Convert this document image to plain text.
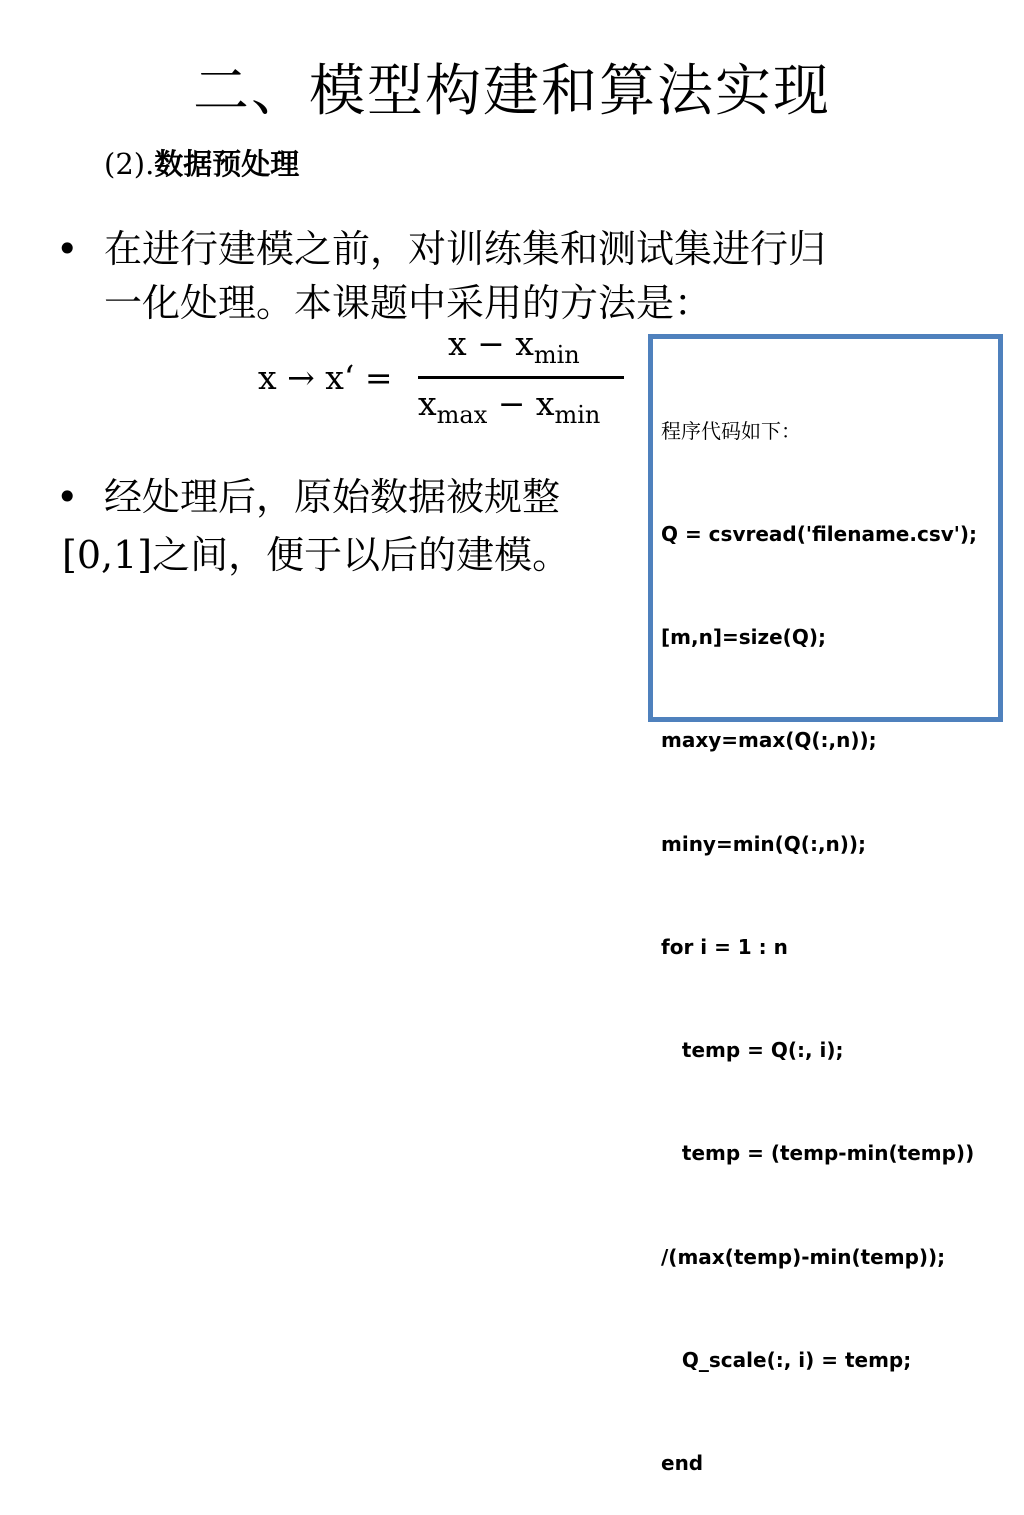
二、模型构建和算法实现
(2).数据预处理
• 在进行建模之前，对训练集和测试集进行归
一化处理。本课题中采用的方法是：
x → x‘ =
$x - x_{min}$
$x_{max} - x_{min}$
• 经处理后，原始数据被规整
[0,1]之间，便于以后的建模。

程序代码如下：

Q = csvread('filename.csv');

[m,n]=size(Q);

maxy=max(Q(:,n));

miny=min(Q(:,n));

for i = 1 : n

temp = Q(:, i);

temp = (temp-min(temp))

/(max(temp)-min(temp));

Q_scale(:, i) = temp;

end
